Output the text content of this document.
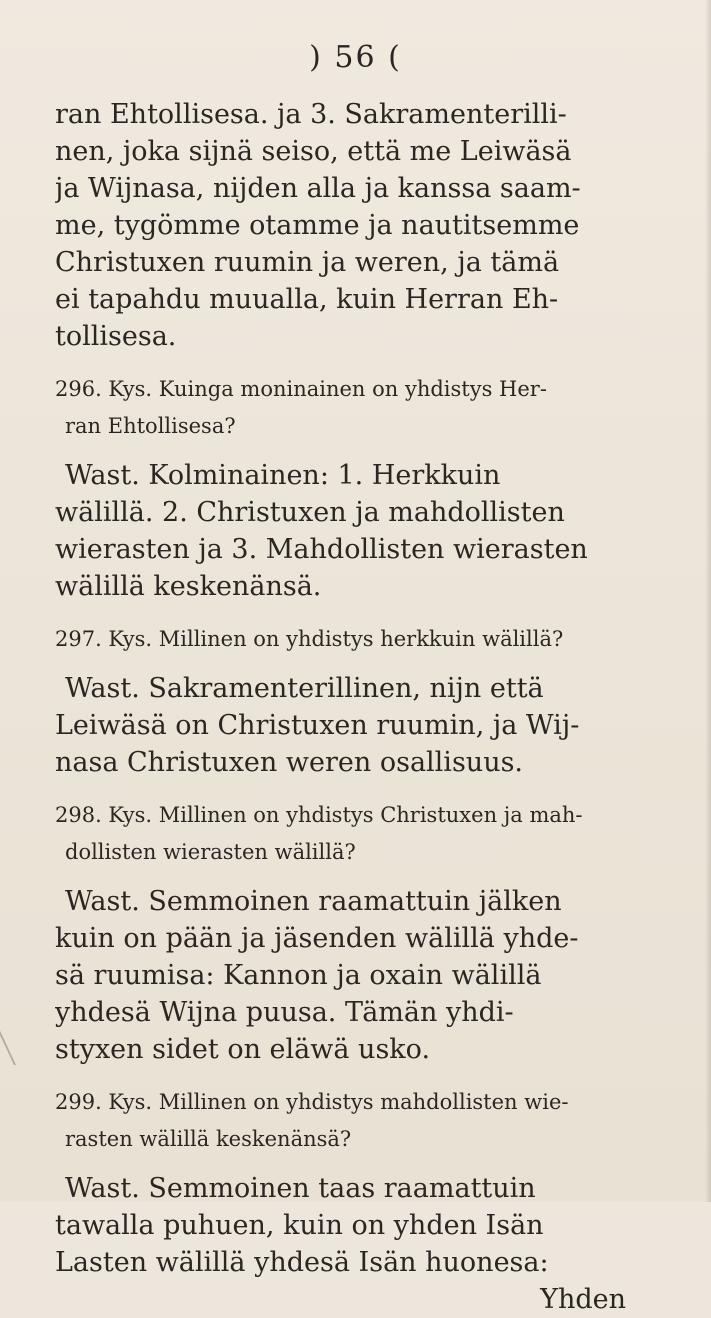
) 56 (
ran Ehtollisesa. ja 3. Sakramenterilli-
nen, joka sijnä seiso, että me Leiwäsä
ja Wijnasa, nijden alla ja kanssa saam-
me, tygömme otamme ja nautitsemme
Christuxen ruumin ja weren, ja tämä
ei tapahdu muualla, kuin Herran Eh-
tollisesa.
296. Kys. Kuinga moninainen on yhdistys Her-
ran Ehtollisesa?
Wast. Kolminainen: 1. Herkkuin
wälillä. 2. Christuxen ja mahdollisten
wierasten ja 3. Mahdollisten wierasten
wälillä keskenänsä.
297. Kys. Millinen on yhdistys herkkuin wälillä?
Wast. Sakramenterillinen, nijn että
Leiwäsä on Christuxen ruumin, ja Wij-
nasa Christuxen weren osallisuus.
298. Kys. Millinen on yhdistys Christuxen ja mah-
dollisten wierasten wälillä?
Wast. Semmoinen raamattuin jälken
kuin on pään ja jäsenden wälillä yhde-
sä ruumisa: Kannon ja oxain wälillä
yhdesä Wijna puusa. Tämän yhdi-
styxen sidet on eläwä usko.
299. Kys. Millinen on yhdistys mahdollisten wie-
rasten wälillä keskenänsä?
Wast. Semmoinen taas raamattuin
tawalla puhuen, kuin on yhden Isän
Lasten wälillä yhdesä Isän huonesa:
Yhden
